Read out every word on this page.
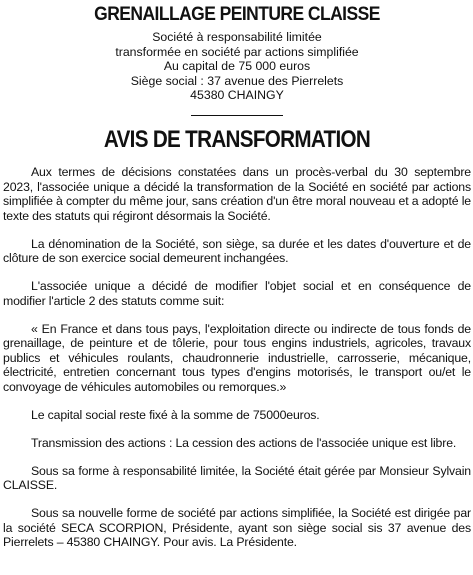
GRENAILLAGE PEINTURE CLAISSE
Société à responsabilité limitée
transformée en société par actions simplifiée
Au capital de 75 000 euros
Siège social : 37 avenue des Pierrelets
45380 CHAINGY
AVIS DE TRANSFORMATION

Aux termes de décisions constatées dans un procès-verbal du 30 septembre 2023, l'associée unique a décidé la transformation de la Société en société par actions simplifiée à compter du même jour, sans création d'un être moral nouveau et a adopté le texte des statuts qui régiront désormais la Société.

La dénomination de la Société, son siège, sa durée et les dates d'ouverture et de clôture de son exercice social demeurent inchangées.

L'associée unique a décidé de modifier l'objet social et en conséquence de modifier l'article 2 des statuts comme suit:

« En France et dans tous pays, l'exploitation directe ou indirecte de tous fonds de grenaillage, de peinture et de tôlerie, pour tous engins industriels, agricoles, travaux publics et véhicules roulants, chaudronnerie industrielle, carrosserie, mécanique, électricité, entretien concernant tous types d'engins motorisés, le transport ou/et le convoyage de véhicules automobiles ou remorques.»

Le capital social reste fixé à la somme de 75000euros.

Transmission des actions : La cession des actions de l'associée unique est libre.

Sous sa forme à responsabilité limitée, la Société était gérée par Monsieur Sylvain CLAISSE.

Sous sa nouvelle forme de société par actions simplifiée, la Société est dirigée par la société SECA SCORPION, Présidente, ayant son siège social sis 37 avenue des Pierrelets – 45380 CHAINGY. Pour avis. La Présidente.
